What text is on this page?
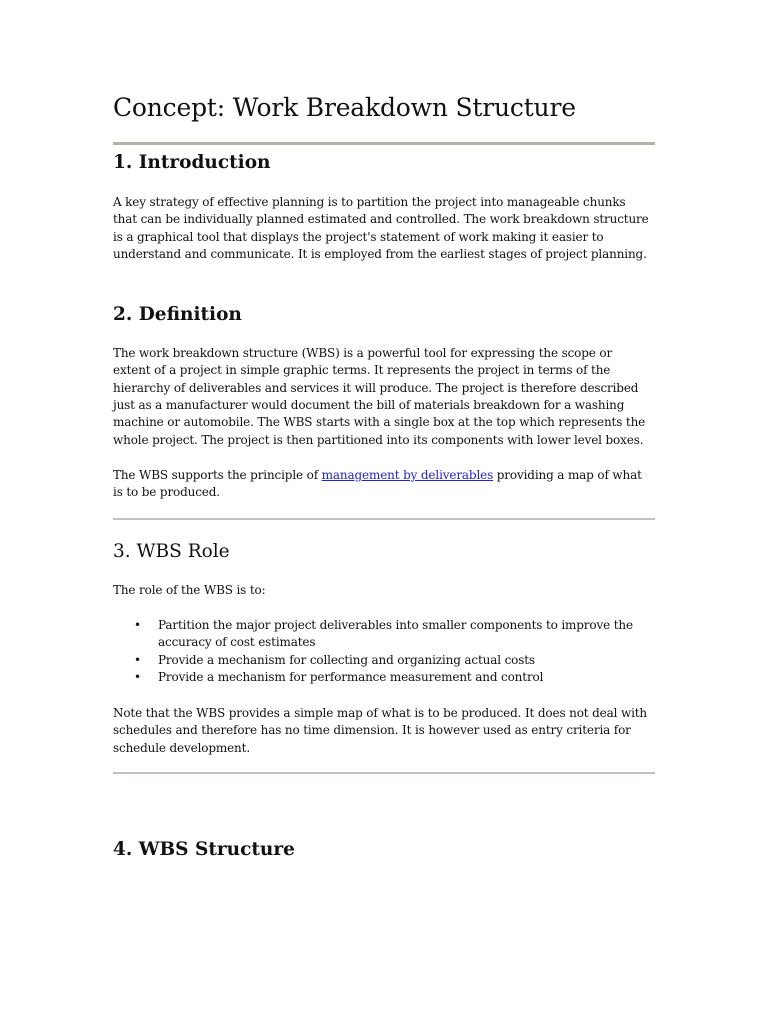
Concept: Work Breakdown Structure
1. Introduction
A key strategy of effective planning is to partition the project into manageable chunks
that can be individually planned estimated and controlled. The work breakdown structure
is a graphical tool that displays the project's statement of work making it easier to
understand and communicate. It is employed from the earliest stages of project planning.
2. Definition
The work breakdown structure (WBS) is a powerful tool for expressing the scope or
extent of a project in simple graphic terms. It represents the project in terms of the
hierarchy of deliverables and services it will produce. The project is therefore described
just as a manufacturer would document the bill of materials breakdown for a washing
machine or automobile. The WBS starts with a single box at the top which represents the
whole project. The project is then partitioned into its components with lower level boxes.
The WBS supports the principle of management by deliverables providing a map of what
is to be produced.
3. WBS Role
The role of the WBS is to:
• Partition the major project deliverables into smaller components to improve the
accuracy of cost estimates
• Provide a mechanism for collecting and organizing actual costs
• Provide a mechanism for performance measurement and control
Note that the WBS provides a simple map of what is to be produced. It does not deal with
schedules and therefore has no time dimension. It is however used as entry criteria for
schedule development.
4. WBS Structure
